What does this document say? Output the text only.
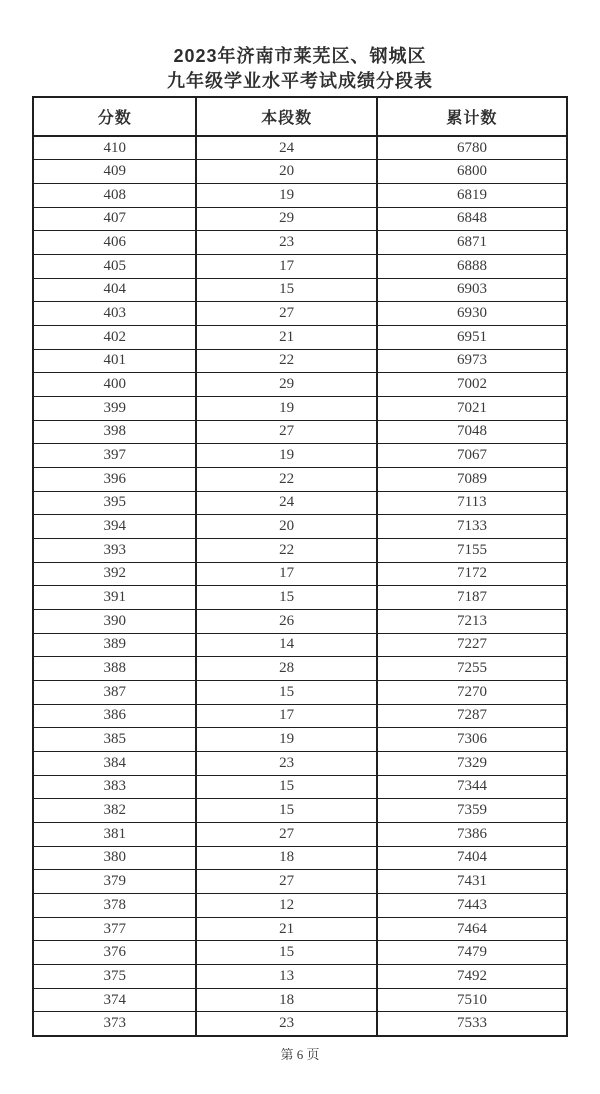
2023年济南市莱芜区、钢城区
九年级学业水平考试成绩分段表
分数	本段数	累计数
410	24	6780
409	20	6800
408	19	6819
407	29	6848
406	23	6871
405	17	6888
404	15	6903
403	27	6930
402	21	6951
401	22	6973
400	29	7002
399	19	7021
398	27	7048
397	19	7067
396	22	7089
395	24	7113
394	20	7133
393	22	7155
392	17	7172
391	15	7187
390	26	7213
389	14	7227
388	28	7255
387	15	7270
386	17	7287
385	19	7306
384	23	7329
383	15	7344
382	15	7359
381	27	7386
380	18	7404
379	27	7431
378	12	7443
377	21	7464
376	15	7479
375	13	7492
374	18	7510
373	23	7533
第 6 页
